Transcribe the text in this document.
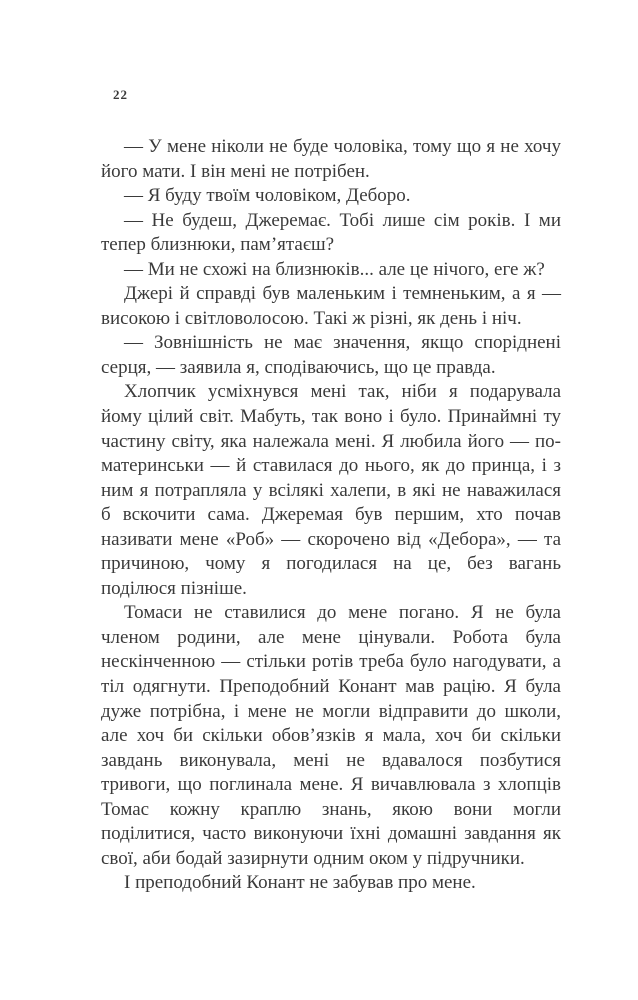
22

— У мене ніколи не буде чоловіка, тому що я не хочу його мати. І він мені не потрібен.

— Я буду твоїм чоловіком, Деборо.

— Не будеш, Джеремає. Тобі лише сім років. І ми тепер близнюки, пам’ятаєш?

— Ми не схожі на близнюків... але це нічого, еге ж?

Джері й справді був маленьким і темненьким, а я — високою і світловолосою. Такі ж різні, як день і ніч.

— Зовнішність не має значення, якщо споріднені серця, — заявила я, сподіваючись, що це правда.

Хлопчик усміхнувся мені так, ніби я подарувала йому цілий світ. Мабуть, так воно і було. Принаймні ту частину світу, яка належала мені. Я любила його — по-материнськи — й ставилася до нього, як до принца, і з ним я потрапляла у всілякі халепи, в які не наважилася б вскочити сама. Джеремая був першим, хто почав називати мене «Роб» — скорочено від «Дебора», — та причиною, чому я погодилася на це, без вагань поділюся пізніше.

Томаси не ставилися до мене погано. Я не була членом родини, але мене цінували. Робота була нескінченною — стільки ротів треба було нагодувати, а тіл одягнути. Преподобний Конант мав рацію. Я була дуже потрібна, і мене не могли відправити до школи, але хоч би скільки обов’язків я мала, хоч би скільки завдань виконувала, мені не вдавалося позбутися тривоги, що поглинала мене. Я вичавлювала з хлопців Томас кожну краплю знань, якою вони могли поділитися, часто виконуючи їхні домашні завдання як свої, аби бодай зазирнути одним оком у підручники.

І преподобний Конант не забував про мене.
